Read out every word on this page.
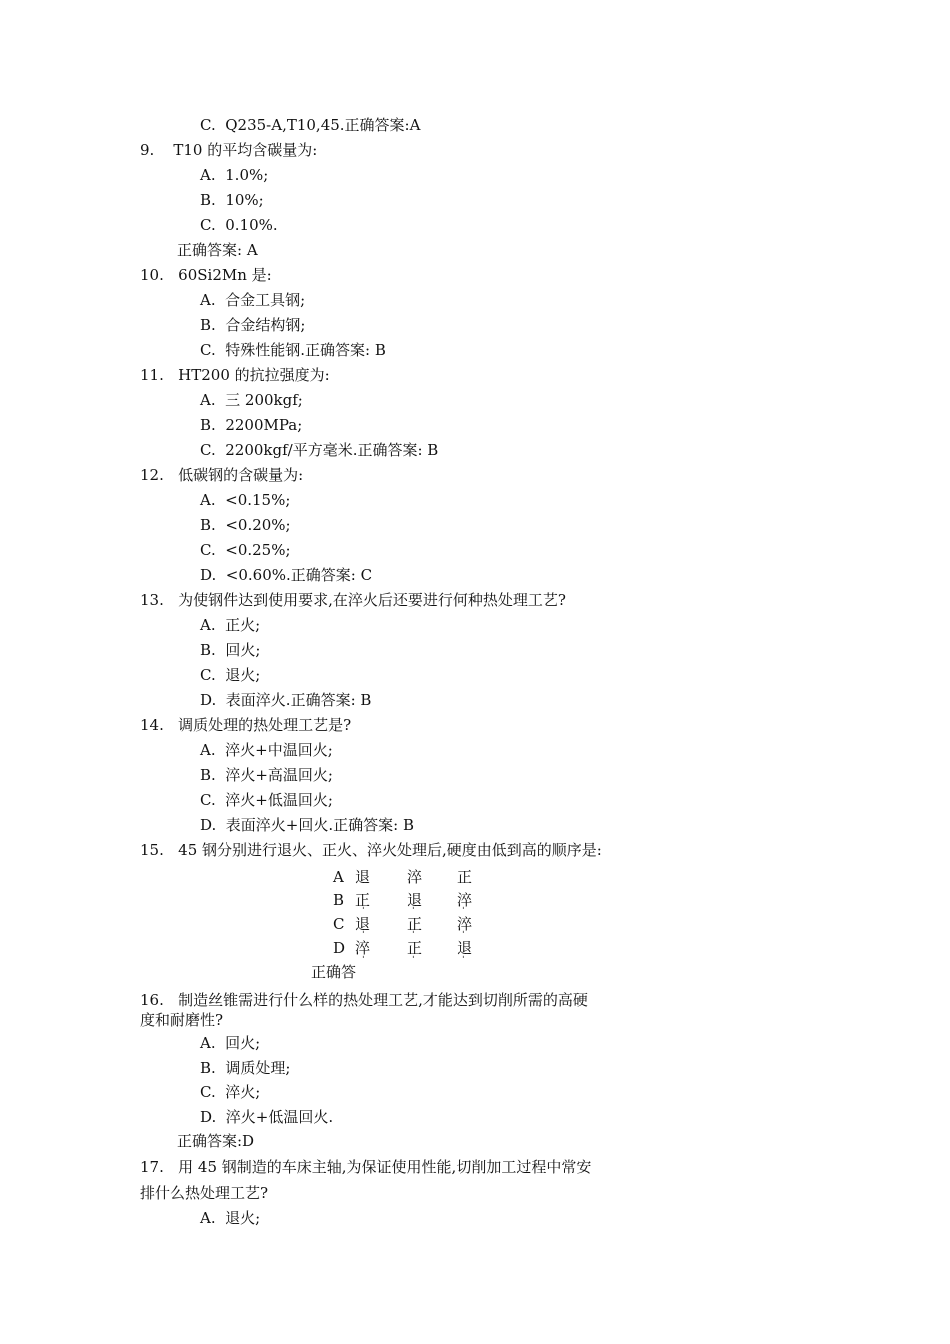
C.  Q235-A,T10,45.正确答案:A
9.    T10 的平均含碳量为:
A.  1.0%;
B.  10%;
C.  0.10%.
正确答案: A
10.   60Si2Mn 是:
A.  合金工具钢;
B.  合金结构钢;
C.  特殊性能钢.正确答案: B
11.   HT200 的抗拉强度为:
A.  三 200kgf;
B.  2200MPa;
C.  2200kgf/平方毫米.正确答案: B
12.   低碳钢的含碳量为:
A.  <0.15%;
B.  <0.20%;
C.  <0.25%;
D.  <0.60%.正确答案: C
13.   为使钢件达到使用要求,在淬火后还要进行何种热处理工艺?
A.  正火;
B.  回火;
C.  退火;
D.  表面淬火.正确答案: B
14.   调质处理的热处理工艺是?
A.  淬火+中温回火;
B.  淬火+高温回火;
C.  淬火+低温回火;
D.  表面淬火+回火.正确答案: B
15.   45 钢分别进行退火、正火、淬火处理后,硬度由低到高的顺序是:
A 退 淬 正
B 正 退 淬
C 退 正 淬
D 淬 正 退
ˈ	ˈ	ˈ
ˈ	ˈ	ˈ
ˈ	ˈ	ˈ
正确答
16.   制造丝锥需进行什么样的热处理工艺,才能达到切削所需的高硬
度和耐磨性?
A.  回火;
B.  调质处理;
C.  淬火;
D.  淬火+低温回火.
正确答案:D
17.   用 45 钢制造的车床主轴,为保证使用性能,切削加工过程中常安
排什么热处理工艺?
A.  退火;
